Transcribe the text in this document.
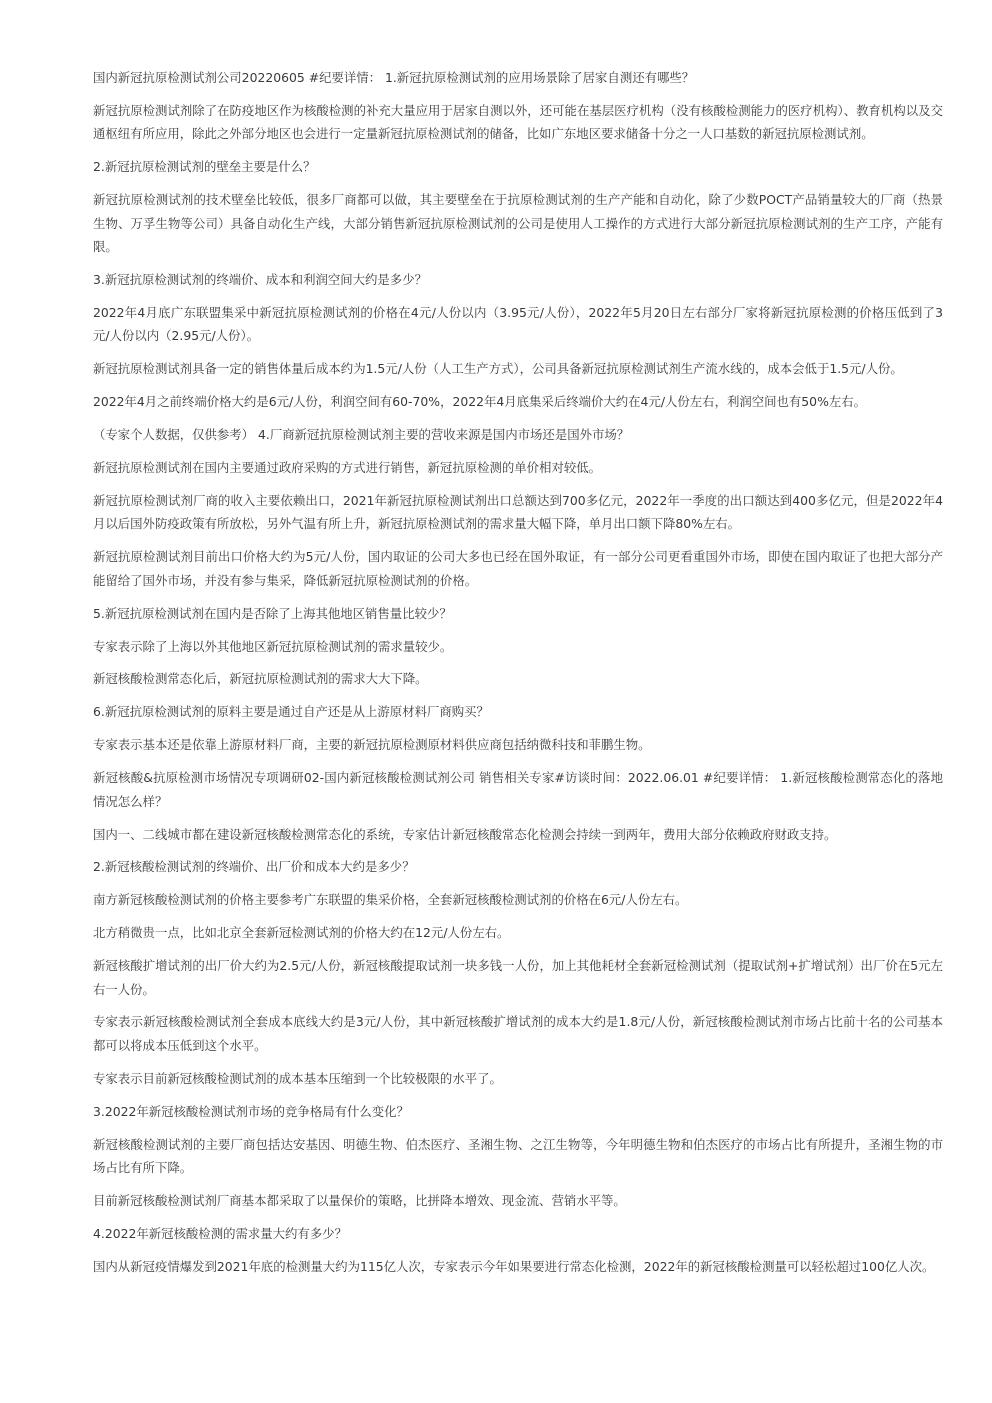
国内新冠抗原检测试剂公司20220605 #纪要详情： 1.新冠抗原检测试剂的应用场景除了居家自测还有哪些？

新冠抗原检测试剂除了在防疫地区作为核酸检测的补充大量应用于居家自测以外，还可能在基层医疗机构（没有核酸检测能力的医疗机构）、教育机构以及交通枢纽有所应用，除此之外部分地区也会进行一定量新冠抗原检测试剂的储备，比如广东地区要求储备十分之一人口基数的新冠抗原检测试剂。

2.新冠抗原检测试剂的壁垒主要是什么？

新冠抗原检测试剂的技术壁垒比较低，很多厂商都可以做，其主要壁垒在于抗原检测试剂的生产产能和自动化，除了少数POCT产品销量较大的厂商（热景生物、万孚生物等公司）具备自动化生产线，大部分销售新冠抗原检测试剂的公司是使用人工操作的方式进行大部分新冠抗原检测试剂的生产工序，产能有限。

3.新冠抗原检测试剂的终端价、成本和利润空间大约是多少？

2022年4月底广东联盟集采中新冠抗原检测试剂的价格在4元/人份以内（3.95元/人份），2022年5月20日左右部分厂家将新冠抗原检测的价格压低到了3元/人份以内（2.95元/人份）。

新冠抗原检测试剂具备一定的销售体量后成本约为1.5元/人份（人工生产方式），公司具备新冠抗原检测试剂生产流水线的，成本会低于1.5元/人份。

2022年4月之前终端价格大约是6元/人份，利润空间有60-70%，2022年4月底集采后终端价大约在4元/人份左右，利润空间也有50%左右。

（专家个人数据，仅供参考） 4.厂商新冠抗原检测试剂主要的营收来源是国内市场还是国外市场？

新冠抗原检测试剂在国内主要通过政府采购的方式进行销售，新冠抗原检测的单价相对较低。

新冠抗原检测试剂厂商的收入主要依赖出口，2021年新冠抗原检测试剂出口总额达到700多亿元，2022年一季度的出口额达到400多亿元，但是2022年4月以后国外防疫政策有所放松，另外气温有所上升，新冠抗原检测试剂的需求量大幅下降，单月出口额下降80%左右。

新冠抗原检测试剂目前出口价格大约为5元/人份，国内取证的公司大多也已经在国外取证，有一部分公司更看重国外市场，即使在国内取证了也把大部分产能留给了国外市场，并没有参与集采，降低新冠抗原检测试剂的价格。

5.新冠抗原检测试剂在国内是否除了上海其他地区销售量比较少？

专家表示除了上海以外其他地区新冠抗原检测试剂的需求量较少。

新冠核酸检测常态化后，新冠抗原检测试剂的需求大大下降。

6.新冠抗原检测试剂的原料主要是通过自产还是从上游原材料厂商购买？

专家表示基本还是依靠上游原材料厂商，主要的新冠抗原检测原材料供应商包括纳微科技和菲鹏生物。

新冠核酸&抗原检测市场情况专项调研02-国内新冠核酸检测试剂公司 销售相关专家#访谈时间：2022.06.01 #纪要详情： 1.新冠核酸检测常态化的落地情况怎么样？

国内一、二线城市都在建设新冠核酸检测常态化的系统，专家估计新冠核酸常态化检测会持续一到两年，费用大部分依赖政府财政支持。

2.新冠核酸检测试剂的终端价、出厂价和成本大约是多少？

南方新冠核酸检测试剂的价格主要参考广东联盟的集采价格，全套新冠核酸检测试剂的价格在6元/人份左右。

北方稍微贵一点，比如北京全套新冠检测试剂的价格大约在12元/人份左右。

新冠核酸扩增试剂的出厂价大约为2.5元/人份，新冠核酸提取试剂一块多钱一人份，加上其他耗材全套新冠检测试剂（提取试剂+扩增试剂）出厂价在5元左右一人份。

专家表示新冠核酸检测试剂全套成本底线大约是3元/人份，其中新冠核酸扩增试剂的成本大约是1.8元/人份，新冠核酸检测试剂市场占比前十名的公司基本都可以将成本压低到这个水平。

专家表示目前新冠核酸检测试剂的成本基本压缩到一个比较极限的水平了。

3.2022年新冠核酸检测试剂市场的竞争格局有什么变化？

新冠核酸检测试剂的主要厂商包括达安基因、明德生物、伯杰医疗、圣湘生物、之江生物等，今年明德生物和伯杰医疗的市场占比有所提升，圣湘生物的市场占比有所下降。

目前新冠核酸检测试剂厂商基本都采取了以量保价的策略，比拼降本增效、现金流、营销水平等。

4.2022年新冠核酸检测的需求量大约有多少？

国内从新冠疫情爆发到2021年底的检测量大约为115亿人次，专家表示今年如果要进行常态化检测，2022年的新冠核酸检测量可以轻松超过100亿人次。
